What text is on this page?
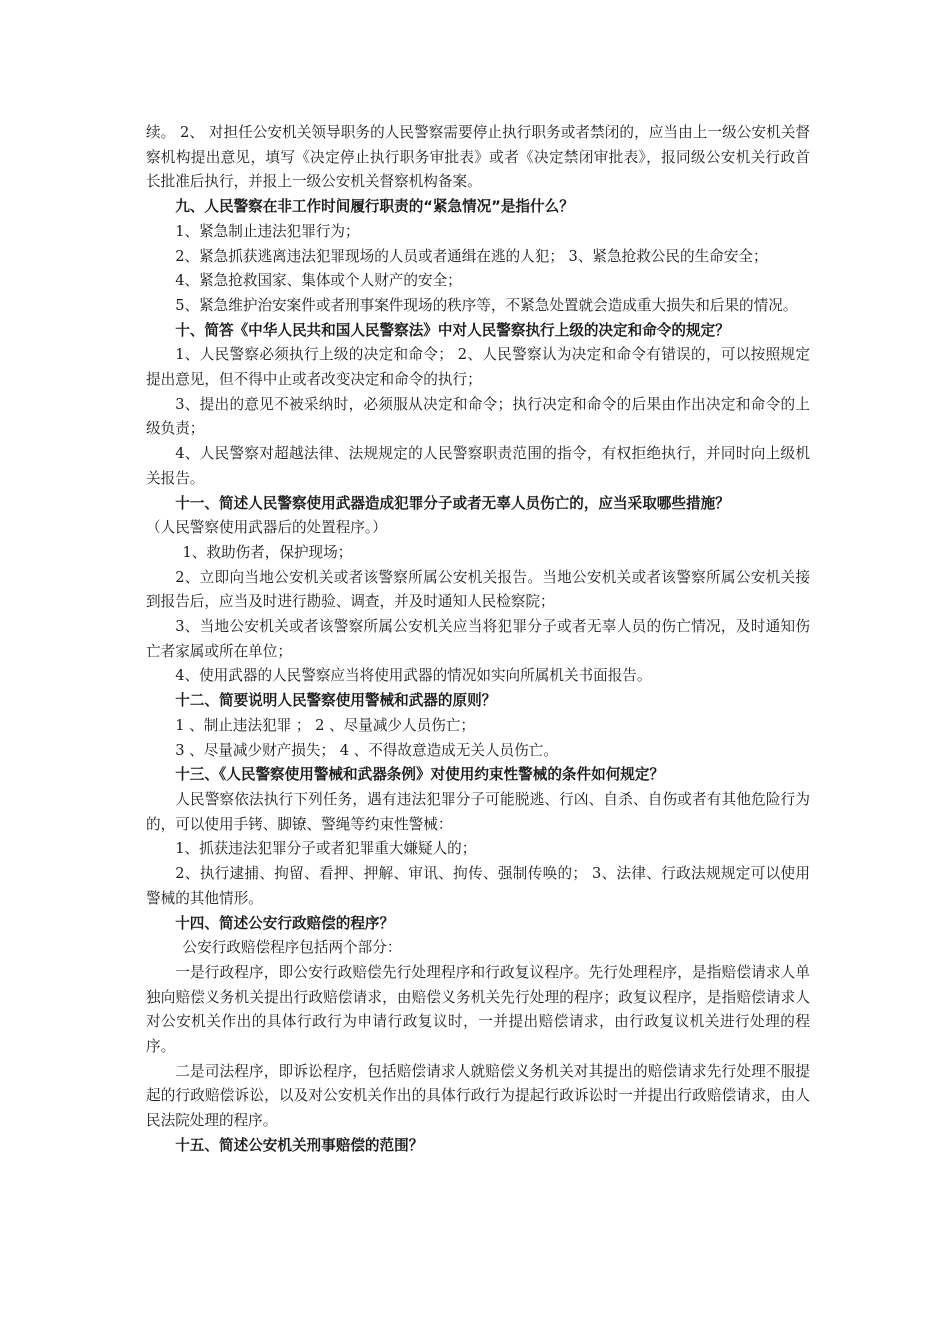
续。 2、 对担任公安机关领导职务的人民警察需要停止执行职务或者禁闭的，应当由上一级公安机关督察机构提出意见，填写《决定停止执行职务审批表》或者《决定禁闭审批表》，报同级公安机关行政首长批准后执行，并报上一级公安机关督察机构备案。

九、人民警察在非工作时间履行职责的“紧急情况”是指什么？

1、紧急制止违法犯罪行为；

2、紧急抓获逃离违法犯罪现场的人员或者通缉在逃的人犯； 3、紧急抢救公民的生命安全；

4、紧急抢救国家、集体或个人财产的安全；

5、紧急维护治安案件或者刑事案件现场的秩序等，不紧急处置就会造成重大损失和后果的情况。

十、简答《中华人民共和国人民警察法》中对人民警察执行上级的决定和命令的规定？

1、人民警察必须执行上级的决定和命令； 2、人民警察认为决定和命令有错误的，可以按照规定提出意见，但不得中止或者改变决定和命令的执行；

3、提出的意见不被采纳时，必须服从决定和命令；执行决定和命令的后果由作出决定和命令的上级负责；

4、人民警察对超越法律、法规规定的人民警察职责范围的指令，有权拒绝执行，并同时向上级机关报告。

十一、简述人民警察使用武器造成犯罪分子或者无辜人员伤亡的，应当采取哪些措施？

（人民警察使用武器后的处置程序。）

1、救助伤者，保护现场；

2、立即向当地公安机关或者该警察所属公安机关报告。当地公安机关或者该警察所属公安机关接到报告后，应当及时进行勘验、调查，并及时通知人民检察院；

3、当地公安机关或者该警察所属公安机关应当将犯罪分子或者无辜人员的伤亡情况，及时通知伤亡者家属或所在单位；

4、使用武器的人民警察应当将使用武器的情况如实向所属机关书面报告。

十二、简要说明人民警察使用警械和武器的原则？

1 、制止违法犯罪 ； 2 、尽量减少人员伤亡；

3 、尽量减少财产损失； 4 、不得故意造成无关人员伤亡。

十三、《人民警察使用警械和武器条例》对使用约束性警械的条件如何规定？

人民警察依法执行下列任务，遇有违法犯罪分子可能脱逃、行凶、自杀、自伤或者有其他危险行为的，可以使用手铐、脚镣、警绳等约束性警械：

1、抓获违法犯罪分子或者犯罪重大嫌疑人的；

2、执行逮捕、拘留、看押、押解、审讯、拘传、强制传唤的； 3、法律、行政法规规定可以使用警械的其他情形。

十四、简述公安行政赔偿的程序？

公安行政赔偿程序包括两个部分：

一是行政程序，即公安行政赔偿先行处理程序和行政复议程序。先行处理程序，是指赔偿请求人单独向赔偿义务机关提出行政赔偿请求，由赔偿义务机关先行处理的程序；政复议程序，是指赔偿请求人对公安机关作出的具体行政行为申请行政复议时，一并提出赔偿请求，由行政复议机关进行处理的程序。

二是司法程序，即诉讼程序，包括赔偿请求人就赔偿义务机关对其提出的赔偿请求先行处理不服提起的行政赔偿诉讼，以及对公安机关作出的具体行政行为提起行政诉讼时一并提出行政赔偿请求，由人民法院处理的程序。

十五、简述公安机关刑事赔偿的范围？
